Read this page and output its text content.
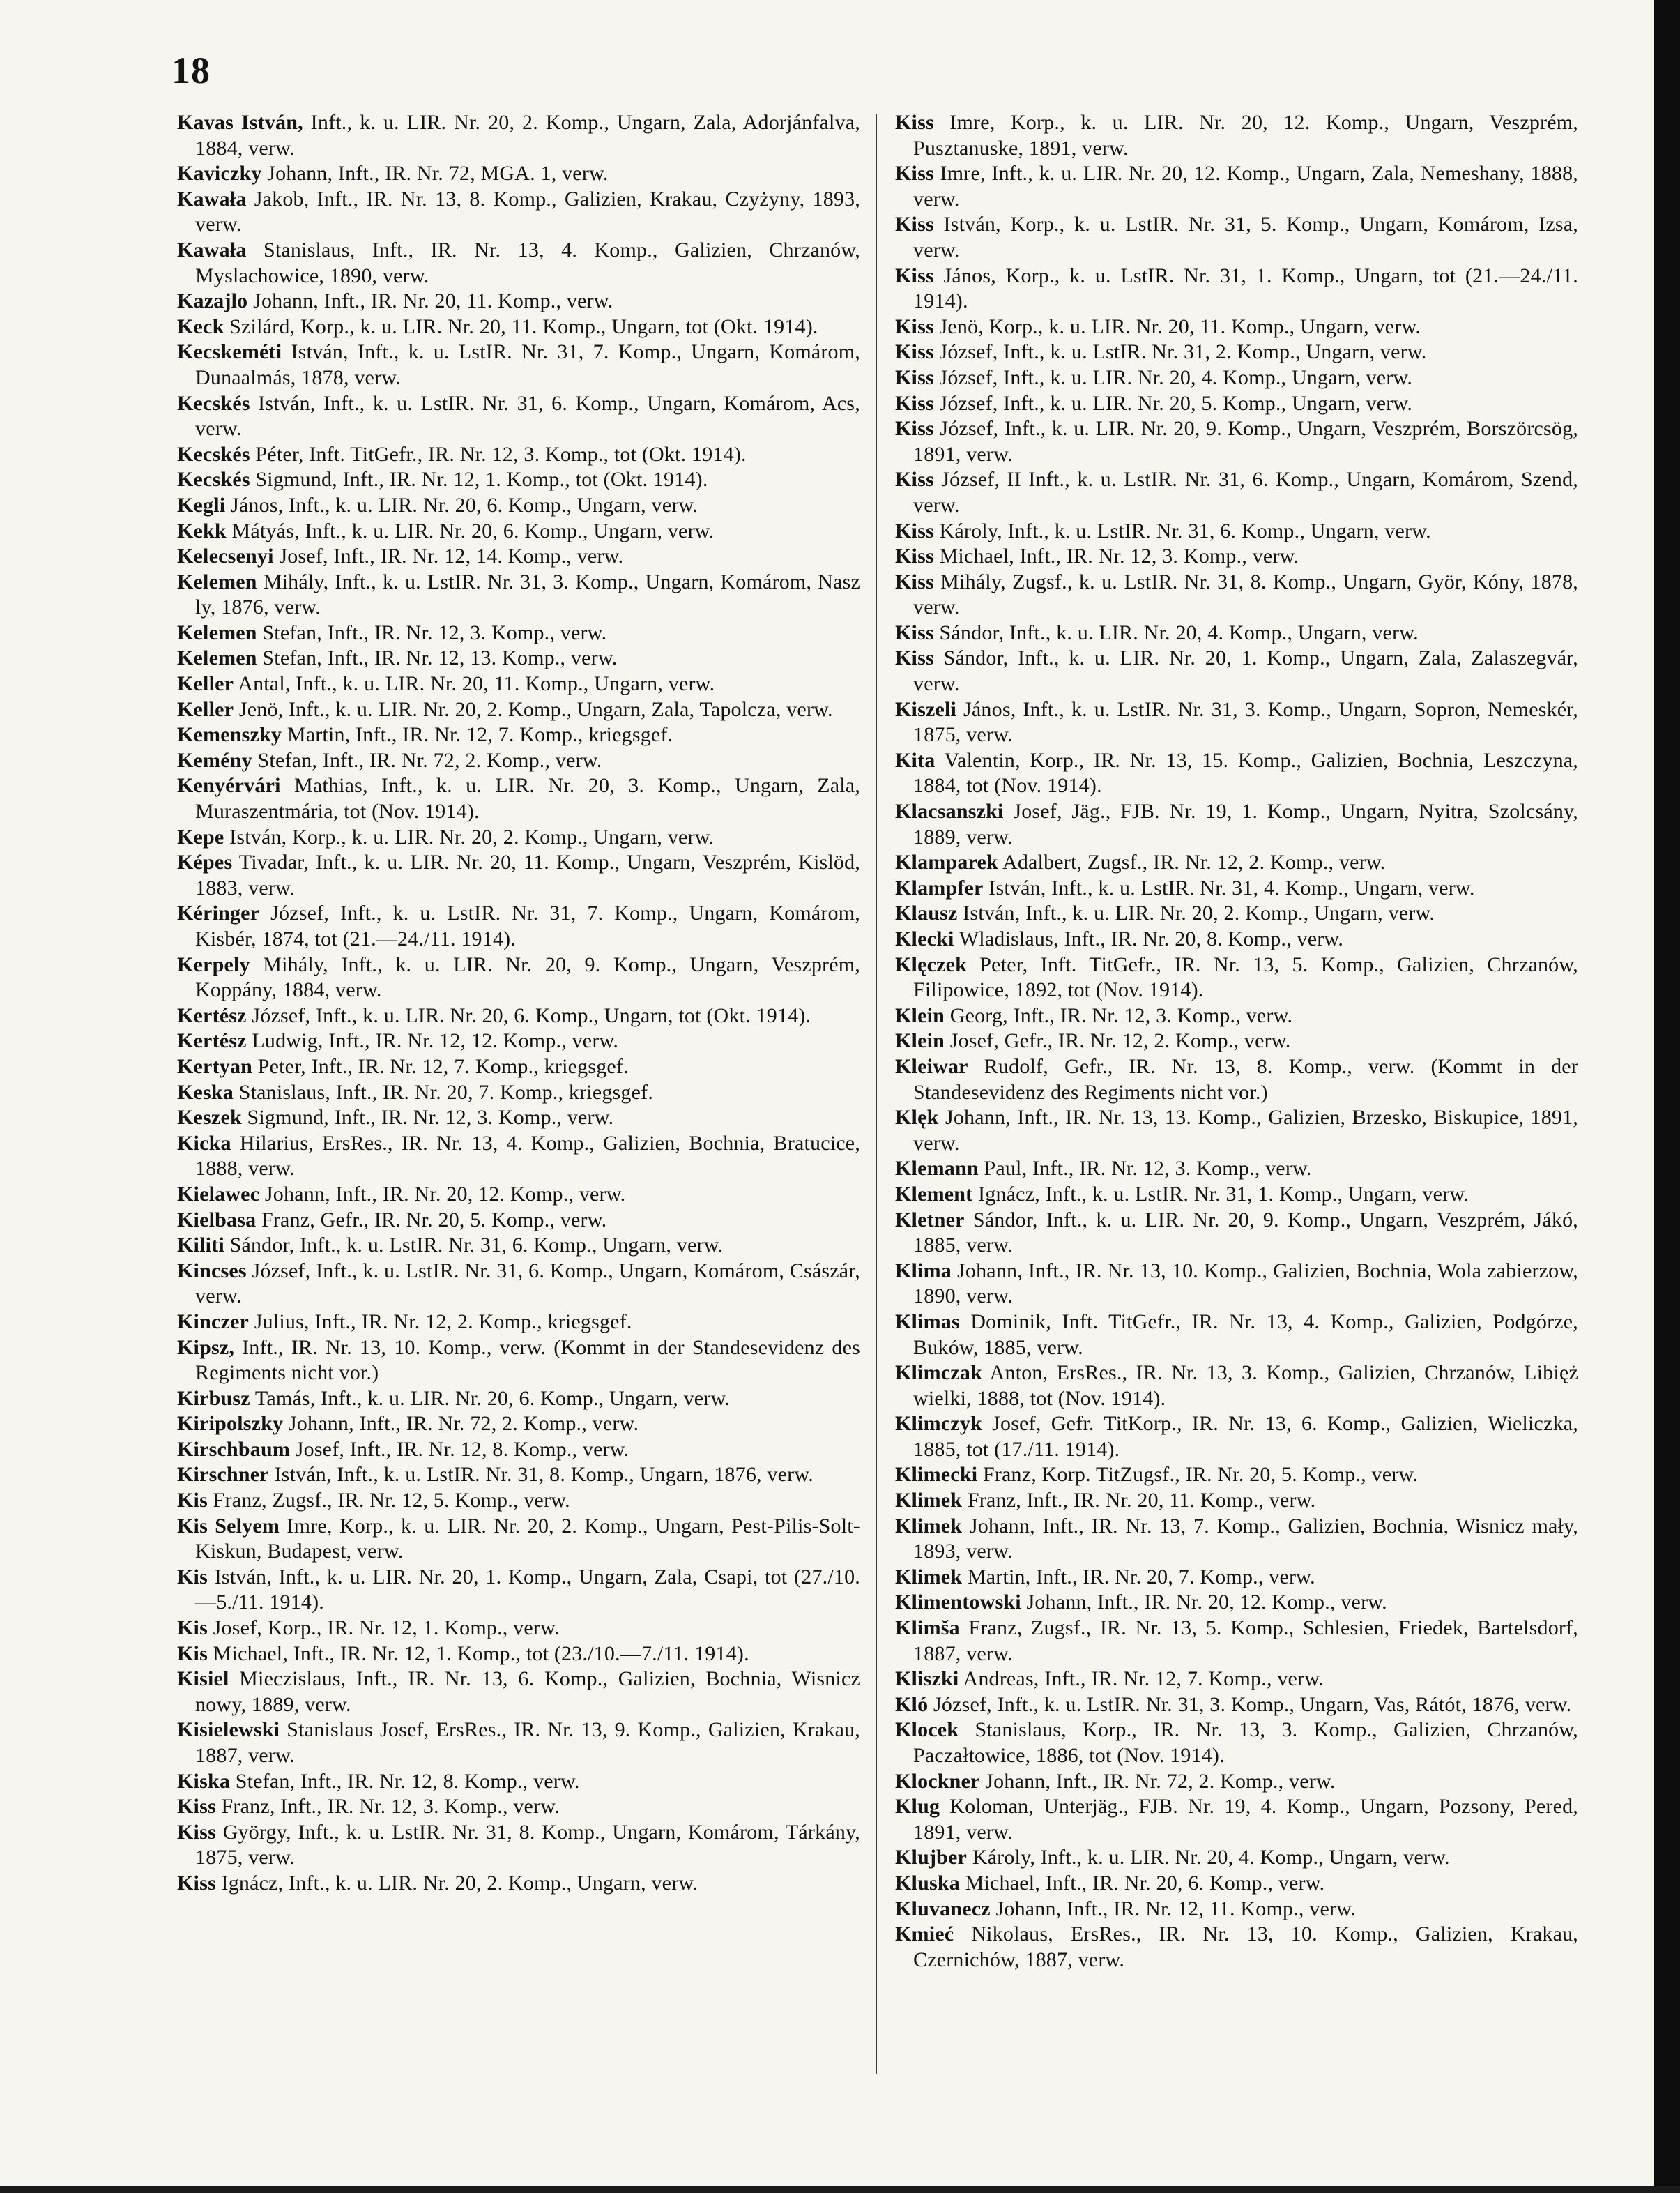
18
Kavas István, Inft., k. u. LIR. Nr. 20, 2. Komp., Ungarn, Zala, Adorjánfalva, 1884, verw.
Kaviczky Johann, Inft., IR. Nr. 72, MGA. 1, verw.
Kawała Jakob, Inft., IR. Nr. 13, 8. Komp., Galizien, Krakau, Czyżyny, 1893, verw.
Kawała Stanislaus, Inft., IR. Nr. 13, 4. Komp., Galizien, Chrzanów, Myslachowice, 1890, verw.
Kazajlo Johann, Inft., IR. Nr. 20, 11. Komp., verw.
Keck Szilárd, Korp., k. u. LIR. Nr. 20, 11. Komp., Ungarn, tot (Okt. 1914).
Kecskeméti István, Inft., k. u. LstIR. Nr. 31, 7. Komp., Ungarn, Komárom, Dunaalmás, 1878, verw.
Kecskés István, Inft., k. u. LstIR. Nr. 31, 6. Komp., Ungarn, Komárom, Acs, verw.
Kecskés Péter, Inft. TitGefr., IR. Nr. 12, 3. Komp., tot (Okt. 1914).
Kecskés Sigmund, Inft., IR. Nr. 12, 1. Komp., tot (Okt. 1914).
Kegli János, Inft., k. u. LIR. Nr. 20, 6. Komp., Ungarn, verw.
Kekk Mátyás, Inft., k. u. LIR. Nr. 20, 6. Komp., Ungarn, verw.
Kelecsenyi Josef, Inft., IR. Nr. 12, 14. Komp., verw.
Kelemen Mihály, Inft., k. u. LstIR. Nr. 31, 3. Komp., Ungarn, Komárom, Nasz ly, 1876, verw.
Kelemen Stefan, Inft., IR. Nr. 12, 3. Komp., verw.
Kelemen Stefan, Inft., IR. Nr. 12, 13. Komp., verw.
Keller Antal, Inft., k. u. LIR. Nr. 20, 11. Komp., Ungarn, verw.
Keller Jenö, Inft., k. u. LIR. Nr. 20, 2. Komp., Ungarn, Zala, Tapolcza, verw.
Kemenszky Martin, Inft., IR. Nr. 12, 7. Komp., kriegsgef.
Kemény Stefan, Inft., IR. Nr. 72, 2. Komp., verw.
Kenyérvári Mathias, Inft., k. u. LIR. Nr. 20, 3. Komp., Ungarn, Zala, Muraszentmária, tot (Nov. 1914).
Kepe István, Korp., k. u. LIR. Nr. 20, 2. Komp., Ungarn, verw.
Képes Tivadar, Inft., k. u. LIR. Nr. 20, 11. Komp., Ungarn, Veszprém, Kislöd, 1883, verw.
Kéringer József, Inft., k. u. LstIR. Nr. 31, 7. Komp., Ungarn, Komárom, Kisbér, 1874, tot (21.—24./11. 1914).
Kerpely Mihály, Inft., k. u. LIR. Nr. 20, 9. Komp., Ungarn, Veszprém, Koppány, 1884, verw.
Kertész József, Inft., k. u. LIR. Nr. 20, 6. Komp., Ungarn, tot (Okt. 1914).
Kertész Ludwig, Inft., IR. Nr. 12, 12. Komp., verw.
Kertyan Peter, Inft., IR. Nr. 12, 7. Komp., kriegsgef.
Keska Stanislaus, Inft., IR. Nr. 20, 7. Komp., kriegsgef.
Keszek Sigmund, Inft., IR. Nr. 12, 3. Komp., verw.
Kicka Hilarius, ErsRes., IR. Nr. 13, 4. Komp., Galizien, Bochnia, Bratucice, 1888, verw.
Kielawec Johann, Inft., IR. Nr. 20, 12. Komp., verw.
Kielbasa Franz, Gefr., IR. Nr. 20, 5. Komp., verw.
Kiliti Sándor, Inft., k. u. LstIR. Nr. 31, 6. Komp., Ungarn, verw.
Kincses József, Inft., k. u. LstIR. Nr. 31, 6. Komp., Ungarn, Komárom, Császár, verw.
Kinczer Julius, Inft., IR. Nr. 12, 2. Komp., kriegsgef.
Kipsz, Inft., IR. Nr. 13, 10. Komp., verw. (Kommt in der Standesevidenz des Regiments nicht vor.)
Kirbusz Tamás, Inft., k. u. LIR. Nr. 20, 6. Komp., Ungarn, verw.
Kiripolszky Johann, Inft., IR. Nr. 72, 2. Komp., verw.
Kirschbaum Josef, Inft., IR. Nr. 12, 8. Komp., verw.
Kirschner István, Inft., k. u. LstIR. Nr. 31, 8. Komp., Ungarn, 1876, verw.
Kis Franz, Zugsf., IR. Nr. 12, 5. Komp., verw.
Kis Selyem Imre, Korp., k. u. LIR. Nr. 20, 2. Komp., Ungarn, Pest-Pilis-Solt-Kiskun, Budapest, verw.
Kis István, Inft., k. u. LIR. Nr. 20, 1. Komp., Ungarn, Zala, Csapi, tot (27./10.—5./11. 1914).
Kis Josef, Korp., IR. Nr. 12, 1. Komp., verw.
Kis Michael, Inft., IR. Nr. 12, 1. Komp., tot (23./10.—7./11. 1914).
Kisiel Mieczislaus, Inft., IR. Nr. 13, 6. Komp., Galizien, Bochnia, Wisnicz nowy, 1889, verw.
Kisielewski Stanislaus Josef, ErsRes., IR. Nr. 13, 9. Komp., Galizien, Krakau, 1887, verw.
Kiska Stefan, Inft., IR. Nr. 12, 8. Komp., verw.
Kiss Franz, Inft., IR. Nr. 12, 3. Komp., verw.
Kiss György, Inft., k. u. LstIR. Nr. 31, 8. Komp., Ungarn, Komárom, Tárkány, 1875, verw.
Kiss Ignácz, Inft., k. u. LIR. Nr. 20, 2. Komp., Ungarn, verw.
Kiss Imre, Korp., k. u. LIR. Nr. 20, 12. Komp., Ungarn, Veszprém, Pusztanuske, 1891, verw.
Kiss Imre, Inft., k. u. LIR. Nr. 20, 12. Komp., Ungarn, Zala, Nemeshany, 1888, verw.
Kiss István, Korp., k. u. LstIR. Nr. 31, 5. Komp., Ungarn, Komárom, Izsa, verw.
Kiss János, Korp., k. u. LstIR. Nr. 31, 1. Komp., Ungarn, tot (21.—24./11. 1914).
Kiss Jenö, Korp., k. u. LIR. Nr. 20, 11. Komp., Ungarn, verw.
Kiss József, Inft., k. u. LstIR. Nr. 31, 2. Komp., Ungarn, verw.
Kiss József, Inft., k. u. LIR. Nr. 20, 4. Komp., Ungarn, verw.
Kiss József, Inft., k. u. LIR. Nr. 20, 5. Komp., Ungarn, verw.
Kiss József, Inft., k. u. LIR. Nr. 20, 9. Komp., Ungarn, Veszprém, Borszörcsög, 1891, verw.
Kiss József, II Inft., k. u. LstIR. Nr. 31, 6. Komp., Ungarn, Komárom, Szend, verw.
Kiss Károly, Inft., k. u. LstIR. Nr. 31, 6. Komp., Ungarn, verw.
Kiss Michael, Inft., IR. Nr. 12, 3. Komp., verw.
Kiss Mihály, Zugsf., k. u. LstIR. Nr. 31, 8. Komp., Ungarn, Györ, Kóny, 1878, verw.
Kiss Sándor, Inft., k. u. LIR. Nr. 20, 4. Komp., Ungarn, verw.
Kiss Sándor, Inft., k. u. LIR. Nr. 20, 1. Komp., Ungarn, Zala, Zalaszegvár, verw.
Kiszeli János, Inft., k. u. LstIR. Nr. 31, 3. Komp., Ungarn, Sopron, Nemeskér, 1875, verw.
Kita Valentin, Korp., IR. Nr. 13, 15. Komp., Galizien, Bochnia, Leszczyna, 1884, tot (Nov. 1914).
Klacsanszki Josef, Jäg., FJB. Nr. 19, 1. Komp., Ungarn, Nyitra, Szolcsány, 1889, verw.
Klamparek Adalbert, Zugsf., IR. Nr. 12, 2. Komp., verw.
Klampfer István, Inft., k. u. LstIR. Nr. 31, 4. Komp., Ungarn, verw.
Klausz István, Inft., k. u. LIR. Nr. 20, 2. Komp., Ungarn, verw.
Klecki Wladislaus, Inft., IR. Nr. 20, 8. Komp., verw.
Klęczek Peter, Inft. TitGefr., IR. Nr. 13, 5. Komp., Galizien, Chrzanów, Filipowice, 1892, tot (Nov. 1914).
Klein Georg, Inft., IR. Nr. 12, 3. Komp., verw.
Klein Josef, Gefr., IR. Nr. 12, 2. Komp., verw.
Kleiwar Rudolf, Gefr., IR. Nr. 13, 8. Komp., verw. (Kommt in der Standesevidenz des Regiments nicht vor.)
Klęk Johann, Inft., IR. Nr. 13, 13. Komp., Galizien, Brzesko, Biskupice, 1891, verw.
Klemann Paul, Inft., IR. Nr. 12, 3. Komp., verw.
Klement Ignácz, Inft., k. u. LstIR. Nr. 31, 1. Komp., Ungarn, verw.
Kletner Sándor, Inft., k. u. LIR. Nr. 20, 9. Komp., Ungarn, Veszprém, Jákó, 1885, verw.
Klima Johann, Inft., IR. Nr. 13, 10. Komp., Galizien, Bochnia, Wola zabierzow, 1890, verw.
Klimas Dominik, Inft. TitGefr., IR. Nr. 13, 4. Komp., Galizien, Podgórze, Buków, 1885, verw.
Klimczak Anton, ErsRes., IR. Nr. 13, 3. Komp., Galizien, Chrzanów, Libięż wielki, 1888, tot (Nov. 1914).
Klimczyk Josef, Gefr. TitKorp., IR. Nr. 13, 6. Komp., Galizien, Wieliczka, 1885, tot (17./11. 1914).
Klimecki Franz, Korp. TitZugsf., IR. Nr. 20, 5. Komp., verw.
Klimek Franz, Inft., IR. Nr. 20, 11. Komp., verw.
Klimek Johann, Inft., IR. Nr. 13, 7. Komp., Galizien, Bochnia, Wisnicz mały, 1893, verw.
Klimek Martin, Inft., IR. Nr. 20, 7. Komp., verw.
Klimentowski Johann, Inft., IR. Nr. 20, 12. Komp., verw.
Klimša Franz, Zugsf., IR. Nr. 13, 5. Komp., Schlesien, Friedek, Bartelsdorf, 1887, verw.
Kliszki Andreas, Inft., IR. Nr. 12, 7. Komp., verw.
Kló József, Inft., k. u. LstIR. Nr. 31, 3. Komp., Ungarn, Vas, Rátót, 1876, verw.
Klocek Stanislaus, Korp., IR. Nr. 13, 3. Komp., Galizien, Chrzanów, Paczałtowice, 1886, tot (Nov. 1914).
Klockner Johann, Inft., IR. Nr. 72, 2. Komp., verw.
Klug Koloman, Unterjäg., FJB. Nr. 19, 4. Komp., Ungarn, Pozsony, Pered, 1891, verw.
Klujber Károly, Inft., k. u. LIR. Nr. 20, 4. Komp., Ungarn, verw.
Kluska Michael, Inft., IR. Nr. 20, 6. Komp., verw.
Kluvanecz Johann, Inft., IR. Nr. 12, 11. Komp., verw.
Kmieć Nikolaus, ErsRes., IR. Nr. 13, 10. Komp., Galizien, Krakau, Czernichów, 1887, verw.
